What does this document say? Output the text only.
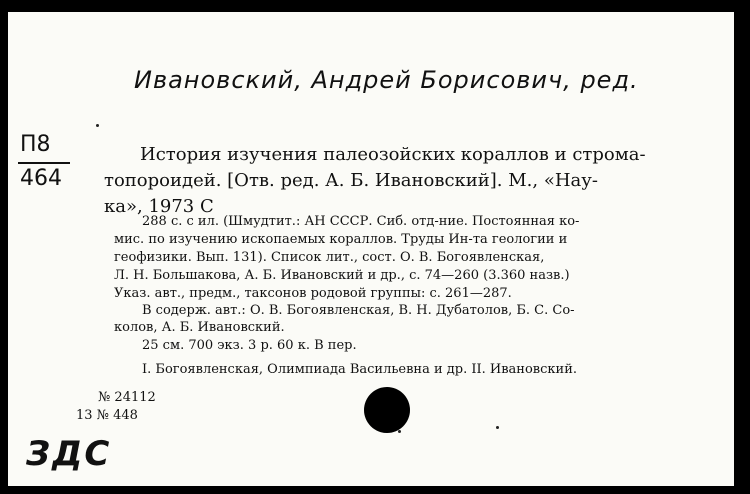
Ивановский, Андрей Борисович, ред.
П8
464
История изучения палеозойских кораллов и строма-
топороидей. [Отв. ред. А. Б. Ивановский]. М., «Нау-
ка», 1973 С
288 с. с ил. (Шмудтит.: АН СССР. Сиб. отд-ние. Постоянная ко-
мис. по изучению ископаемых кораллов. Труды Ин-та геологии и
геофизики. Вып. 131). Список лит., сост. О. В. Богоявленская,
Л. Н. Большакова, А. Б. Ивановский и др., с. 74—260 (3.360 назв.)
Указ. авт., предм., таксонов родовой группы: с. 261—287.
В содерж. авт.: О. В. Богоявленская, В. Н. Дубатолов, Б. С. Со-
колов, А. Б. Ивановский.
25 см. 700 экз. 3 р. 60 к. В пер.
I. Богоявленская, Олимпиада Васильевна и др. II. Ивановский.
№ 24112
13 № 448
ЗДС
